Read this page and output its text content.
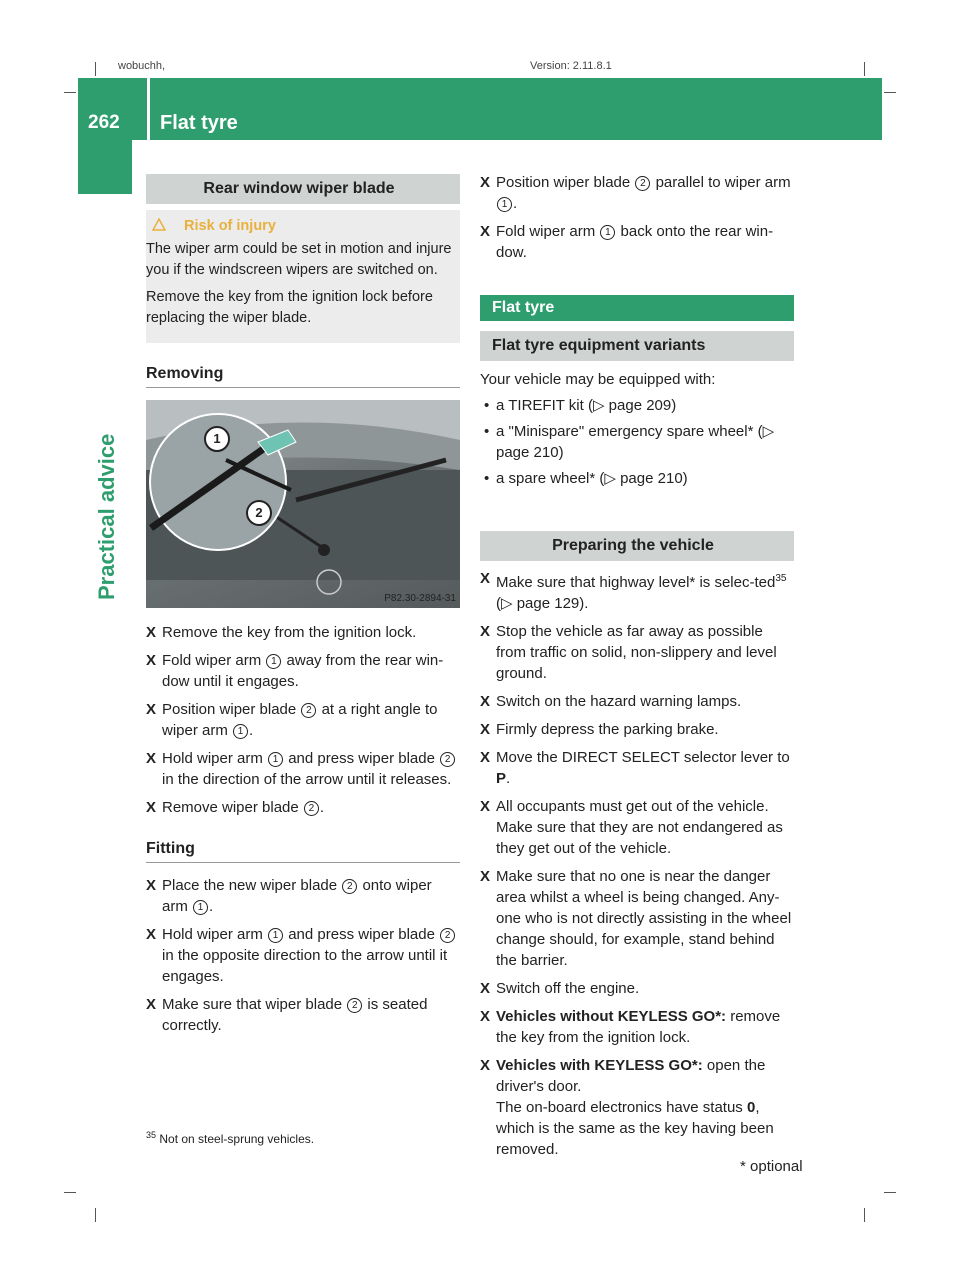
wobuchh,	Version: 2.11.8.1
262 Flat tyre
Practical advice
Rear window wiper blade
Risk of injury

The wiper arm could be set in motion and injure you if the windscreen wipers are switched on.

Remove the key from the ignition lock before replacing the wiper blade.

Removing
1
2
P82.30-2894-31
X Remove the key from the ignition lock.
X Fold wiper arm 1 away from the rear win-dow until it engages.
X Position wiper blade 2 at a right angle to wiper arm 1 .
X Hold wiper arm 1 and press wiper blade 2 in the direction of the arrow until it releases.
X Remove wiper blade 2 .
Fitting
X Place the new wiper blade 2 onto wiper arm 1 .
X Hold wiper arm 1 and press wiper blade 2 in the opposite direction to the arrow until it engages.
X Make sure that wiper blade 2 is seated correctly.
X Position wiper blade 2 parallel to wiper arm 1 .
X Fold wiper arm 1 back onto the rear win-dow.
Flat tyre
Flat tyre equipment variants

Your vehicle may be equipped with:

• a TIREFIT kit (▷ page 209)
• a "Minispare" emergency spare wheel* (▷ page 210)
• a spare wheel* (▷ page 210)
Preparing the vehicle
X Make sure that highway level* is selec-ted$^{35}$ (▷ page 129).
X Stop the vehicle as far away as possible from traffic on solid, non-slippery and level ground.
X Switch on the hazard warning lamps.
X Firmly depress the parking brake.
X Move the DIRECT SELECT selector lever to P.
X All occupants must get out of the vehicle. Make sure that they are not endangered as they get out of the vehicle.
X Make sure that no one is near the danger area whilst a wheel is being changed. Any-one who is not directly assisting in the wheel change should, for example, stand behind the barrier.
X Switch off the engine.
X Vehicles without KEYLESS GO*: remove the key from the ignition lock.
X Vehicles with KEYLESS GO*: open the driver's door.
The on-board electronics have status 0, which is the same as the key having been removed.
$^{35}$ Not on steel-sprung vehicles.
* optional
